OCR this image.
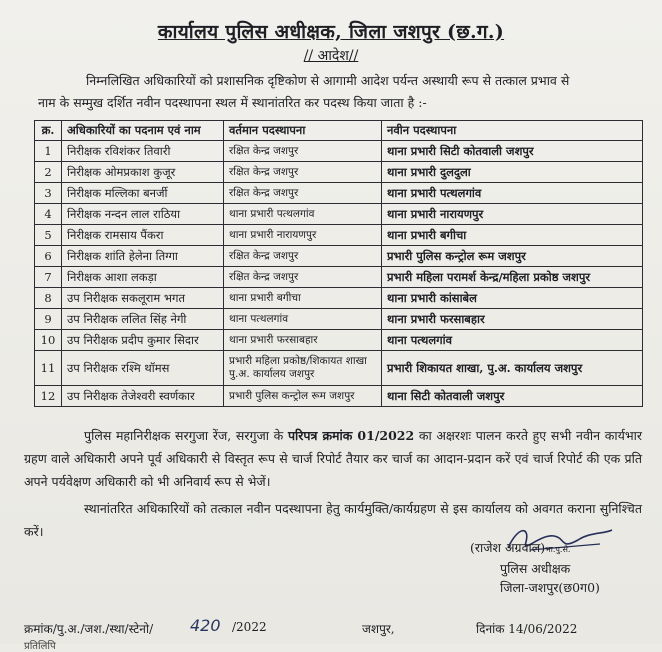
कार्यालय पुलिस अधीक्षक, जिला जशपुर (छ.ग.)
// आदेश//
निम्नलिखित अधिकारियों को प्रशासनिक दृष्टिकोण से आगामी आदेश पर्यन्त अस्थायी रूप से तत्काल प्रभाव से
नाम के सम्मुख दर्शित नवीन पदस्थापना स्थल में स्थानांतरित कर पदस्थ किया जाता है :-
क्र.	अधिकारियों का पदनाम एवं नाम	वर्तमान पदस्थापना	नवीन पदस्थापना
1	निरीक्षक रविशंकर तिवारी	रक्षित केन्द्र जशपुर	थाना प्रभारी सिटी कोतवाली जशपुर
2	निरीक्षक ओमप्रकाश कुजूर	रक्षित केन्द्र जशपुर	थाना प्रभारी दुलदुला
3	निरीक्षक मल्लिका बनर्जी	रक्षित केन्द्र जशपुर	थाना प्रभारी पत्थलगांव
4	निरीक्षक नन्दन लाल राठिया	थाना प्रभारी पत्थलगांव	थाना प्रभारी नारायणपुर
5	निरीक्षक रामसाय पैंकरा	थाना प्रभारी नारायणपुर	थाना प्रभारी बगीचा
6	निरीक्षक शांति हेलेना तिग्गा	रक्षित केन्द्र जशपुर	प्रभारी पुलिस कन्ट्रोल रूम जशपुर
7	निरीक्षक आशा लकड़ा	रक्षित केन्द्र जशपुर	प्रभारी महिला परामर्श केन्द्र/महिला प्रकोष्ठ जशपुर
8	उप निरीक्षक सकलूराम भगत	थाना प्रभारी बगीचा	थाना प्रभारी कांसाबेल
9	उप निरीक्षक ललित सिंह नेगी	थाना पत्थलगांव	थाना प्रभारी फरसाबहार
10	उप निरीक्षक प्रदीप कुमार सिदार	थाना प्रभारी फरसाबहार	थाना पत्थलगांव
11	उप निरीक्षक रश्मि थॉमस	प्रभारी महिला प्रकोष्ठ/शिकायत शाखा पु.अ. कार्यालय जशपुर	प्रभारी शिकायत शाखा, पु.अ. कार्यालय जशपुर
12	उप निरीक्षक तेजेश्वरी स्वर्णकार	प्रभारी पुलिस कन्ट्रोल रूम जशपुर	थाना सिटी कोतवाली जशपुर
पुलिस महानिरीक्षक सरगुजा रेंज, सरगुजा के परिपत्र क्रमांक 01/2022 का अक्षरशः पालन करते हुए सभी नवीन कार्यभार ग्रहण वाले अधिकारी अपने पूर्व अधिकारी से विस्तृत रूप से चार्ज रिपोर्ट तैयार कर चार्ज का आदान-प्रदान करें एवं चार्ज रिपोर्ट की एक प्रति अपने पर्यवेक्षण अधिकारी को भी अनिवार्य रूप से भेजें।
स्थानांतरित अधिकारियों को तत्काल नवीन पदस्थापना हेतु कार्यमुक्ति/कार्यग्रहण से इस कार्यालय को अवगत कराना सुनिश्चित करें।
(राजेश अग्रवाल)भा.पु.से.
पुलिस अधीक्षक
जिला-जशपुर(छ0ग0)
क्रमांक/पु.अ./जश./स्था/स्टेनो/ 420 /2022	जशपुर,	दिनांक 14/06/2022
प्रतिलिपि
